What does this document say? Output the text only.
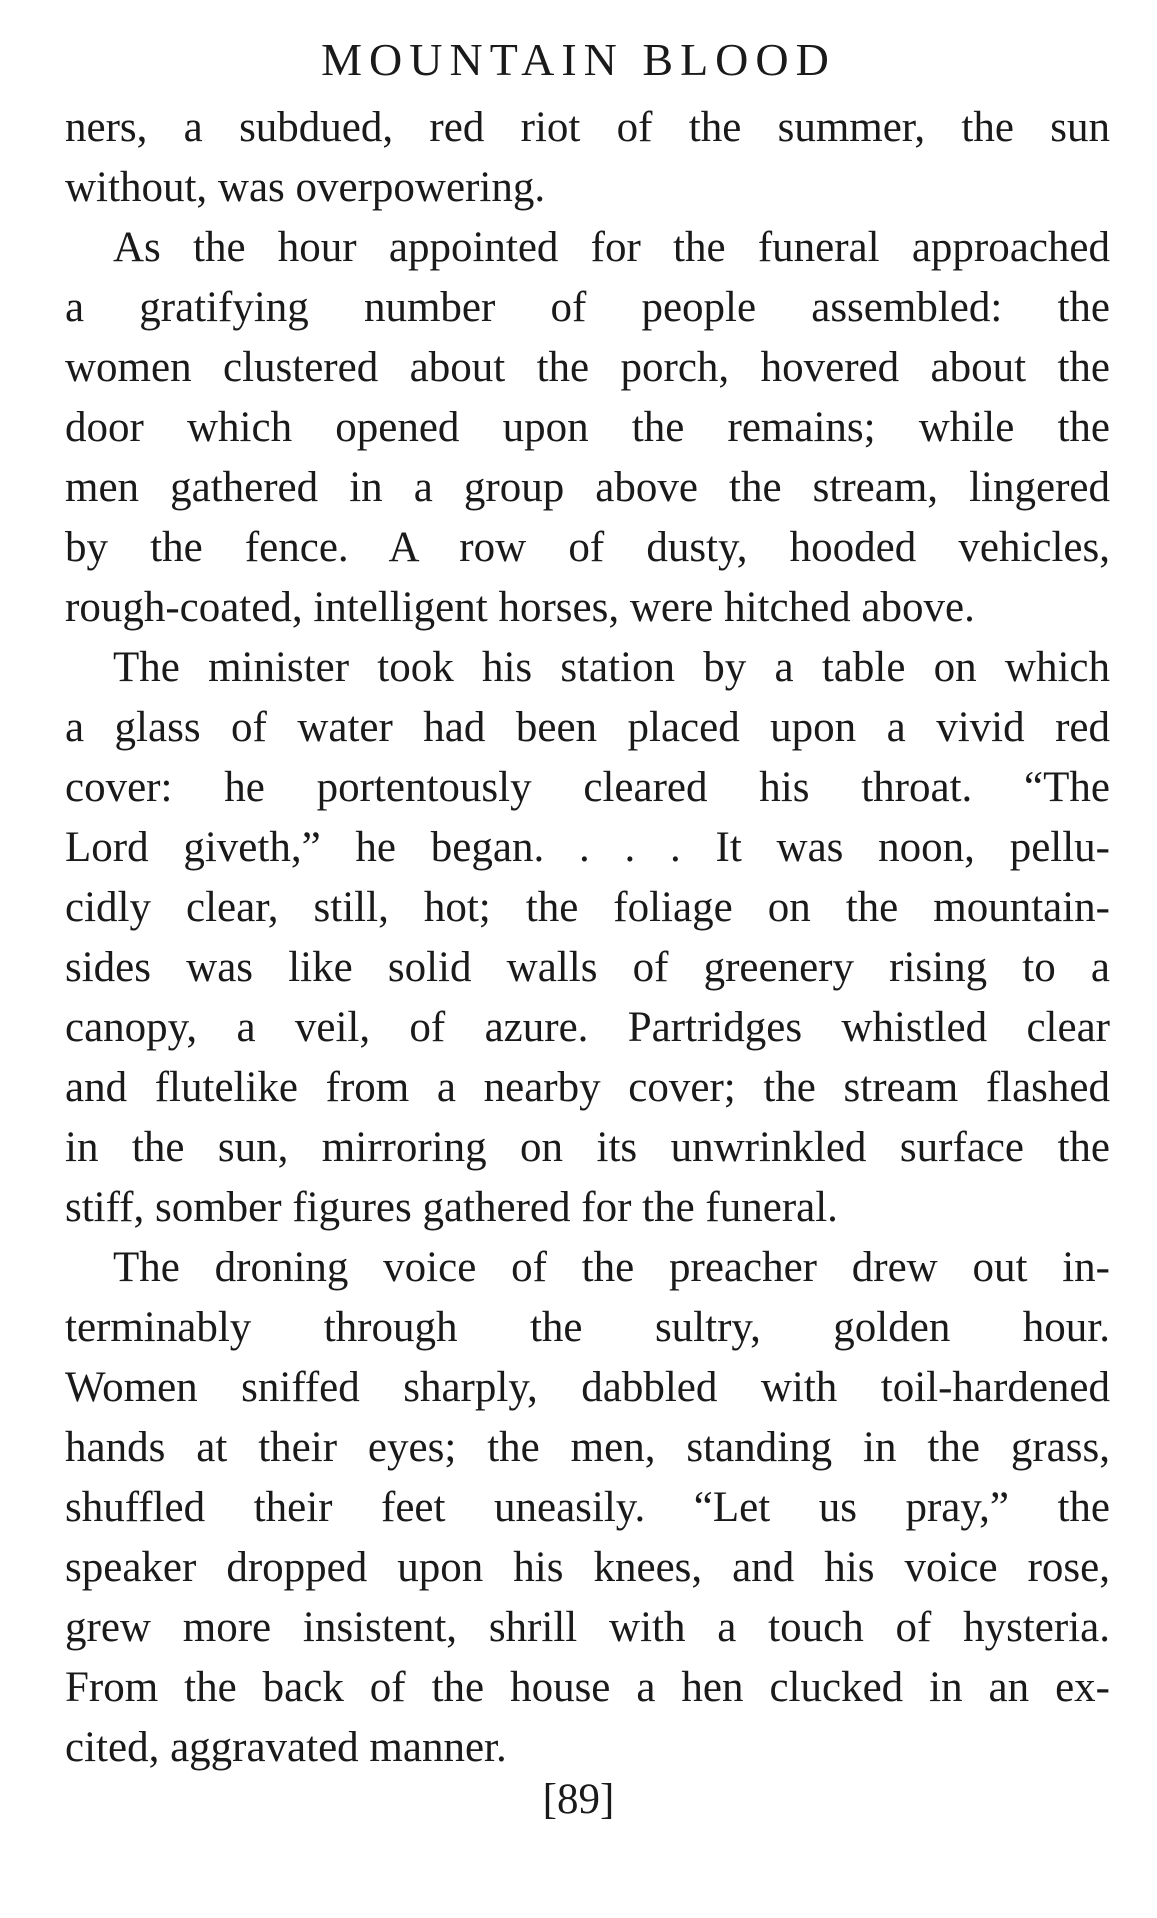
MOUNTAIN BLOOD

ners, a subdued, red riot of the summer, the sun
without, was overpowering.

As the hour appointed for the funeral approached
a gratifying number of people assembled: the
women clustered about the porch, hovered about the
door which opened upon the remains; while the
men gathered in a group above the stream, lingered
by the fence. A row of dusty, hooded vehicles,
rough-coated, intelligent horses, were hitched above.

The minister took his station by a table on which
a glass of water had been placed upon a vivid red
cover: he portentously cleared his throat. “The
Lord giveth,” he began. . . . It was noon, pellu-
cidly clear, still, hot; the foliage on the mountain-
sides was like solid walls of greenery rising to a
canopy, a veil, of azure. Partridges whistled clear
and flutelike from a nearby cover; the stream flashed
in the sun, mirroring on its unwrinkled surface the
stiff, somber figures gathered for the funeral.

The droning voice of the preacher drew out in-
terminably through the sultry, golden hour.
Women sniffed sharply, dabbled with toil-hardened
hands at their eyes; the men, standing in the grass,
shuffled their feet uneasily. “Let us pray,” the
speaker dropped upon his knees, and his voice rose,
grew more insistent, shrill with a touch of hysteria.
From the back of the house a hen clucked in an ex-
cited, aggravated manner.

[89]
